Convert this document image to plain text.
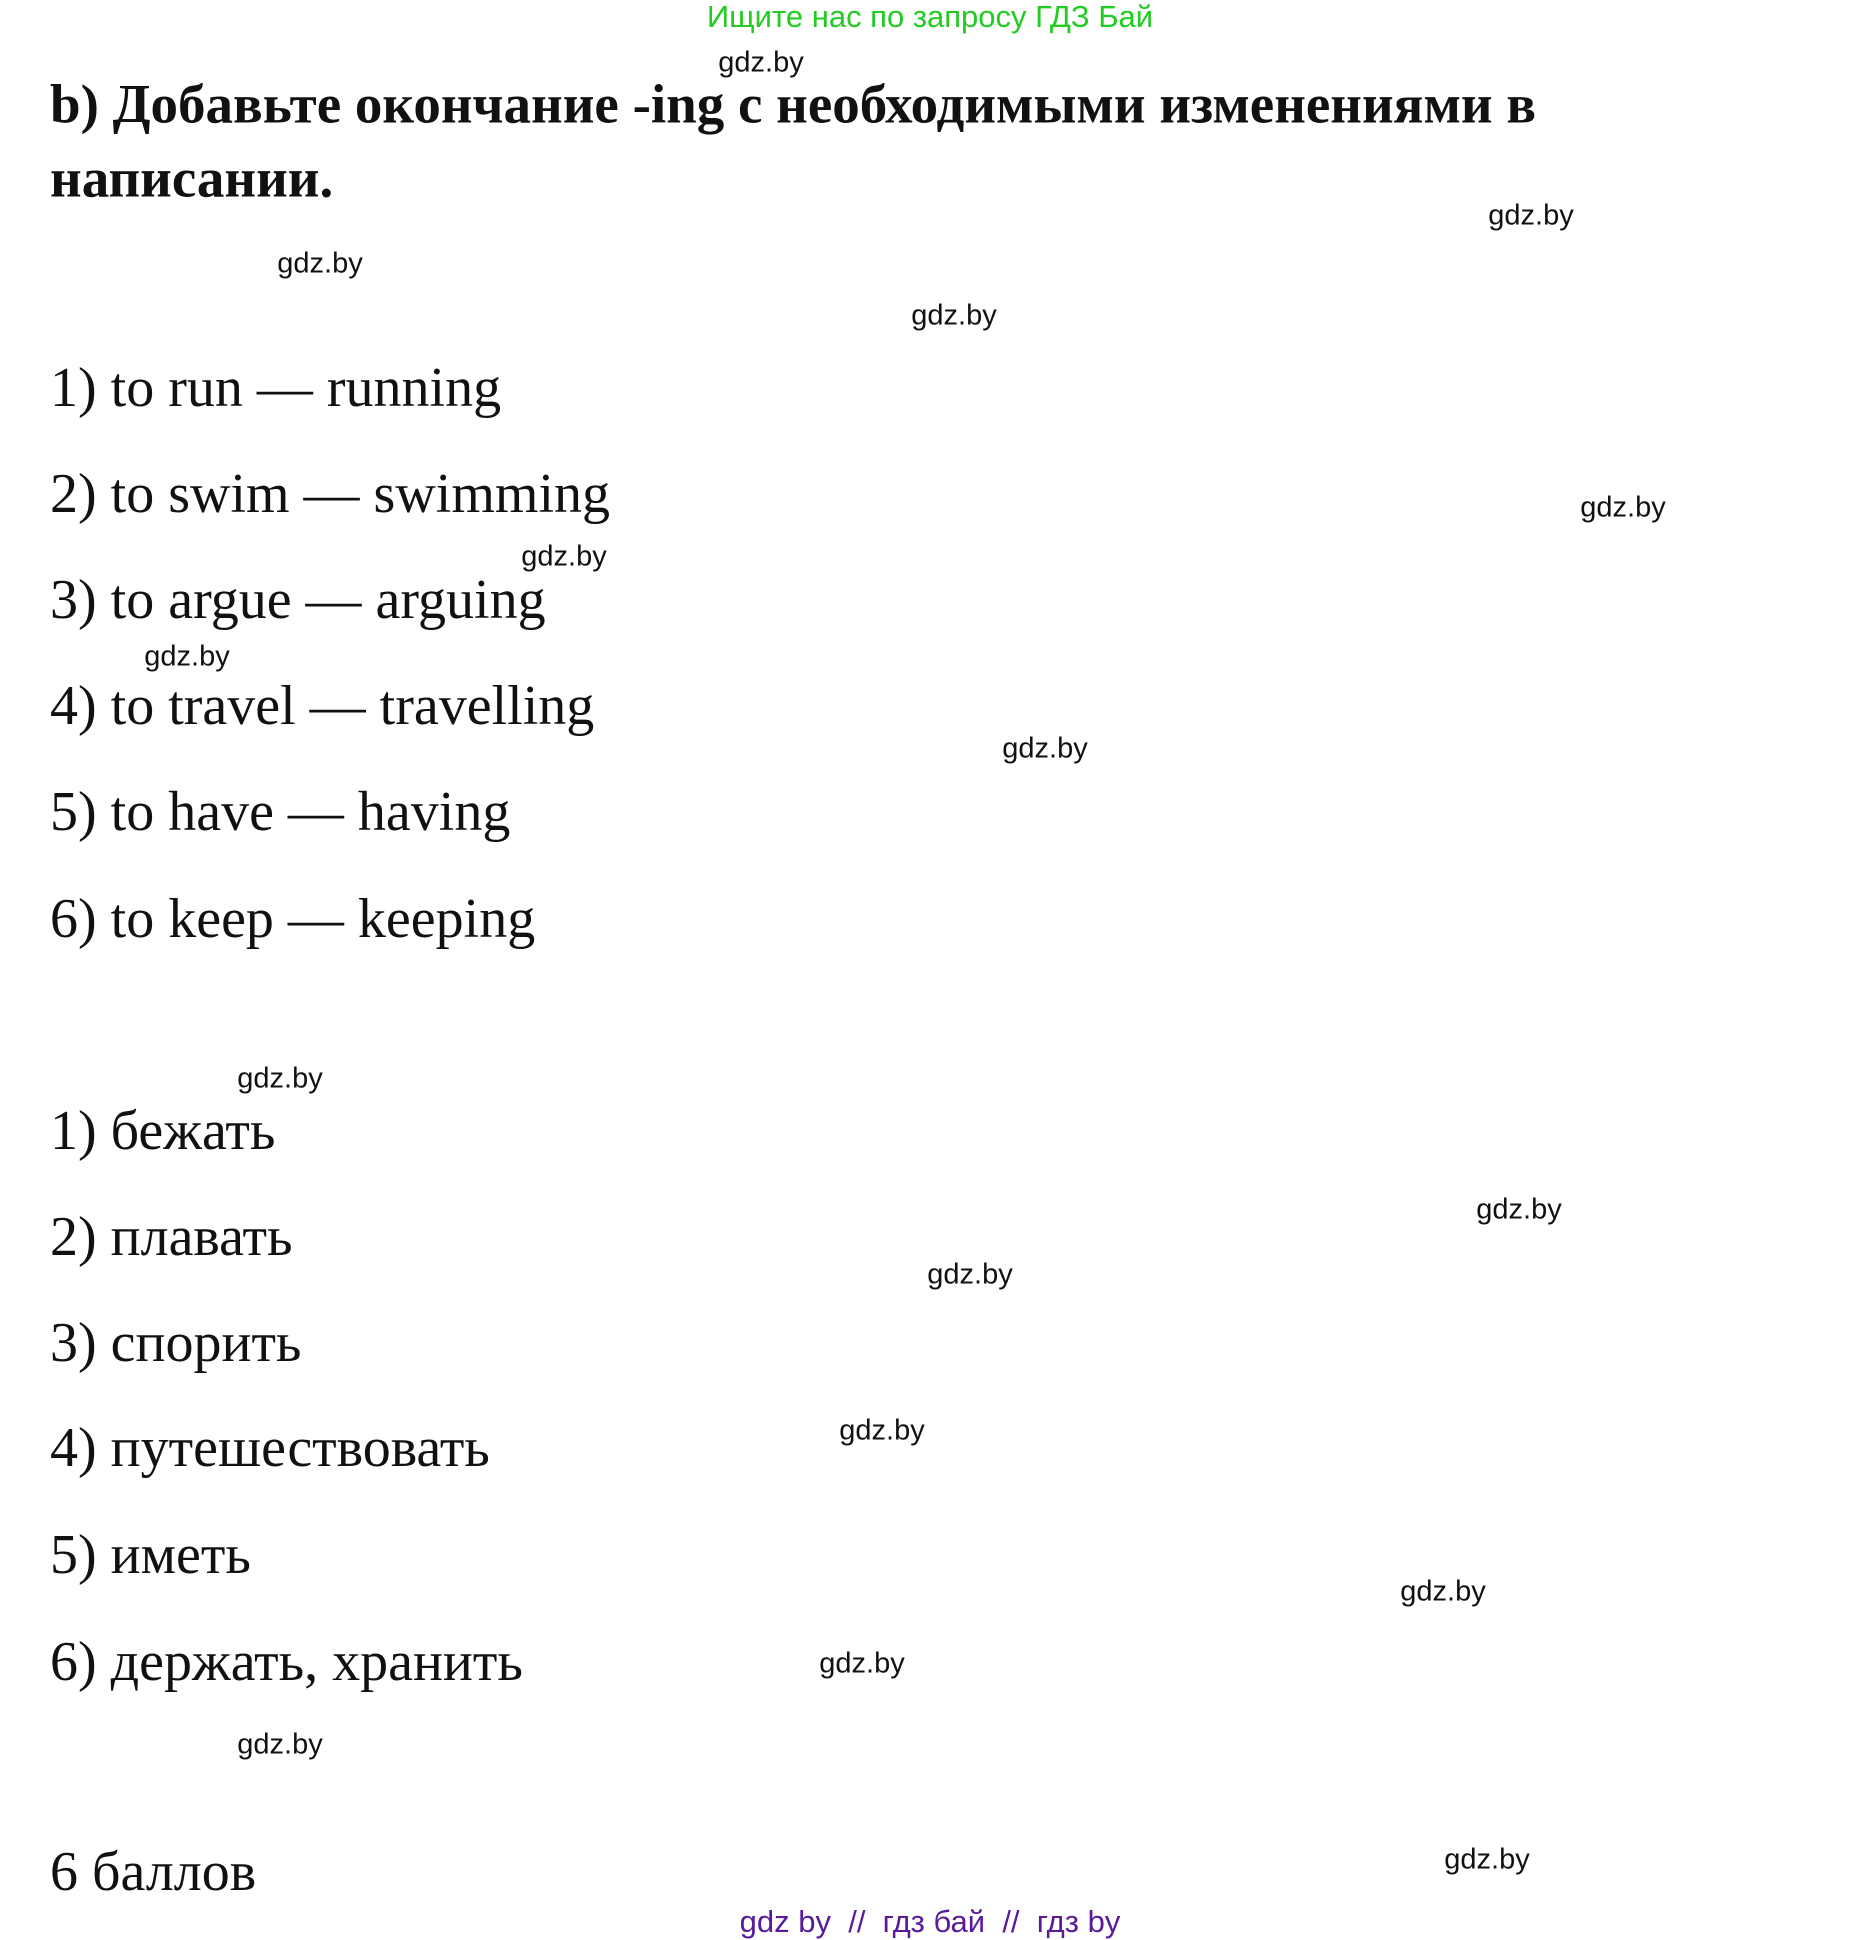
Ищите нас по запросу ГДЗ Бай
b) Добавьте окончание -ing с необходимыми изменениями в
написании.
1) to run — running
2) to swim — swimming
3) to argue — arguing
4) to travel — travelling
5) to have — having
6) to keep — keeping
1) бежать
2) плавать
3) спорить
4) путешествовать
5) иметь
6) держать, хранить
6 баллов
gdz.by
gdz.by
gdz.by
gdz.by
gdz.by
gdz.by
gdz.by
gdz.by
gdz.by
gdz.by
gdz.by
gdz.by
gdz.by
gdz.by
gdz.by
gdz.by
gdz by  //  гдз бай  //  гдз by
